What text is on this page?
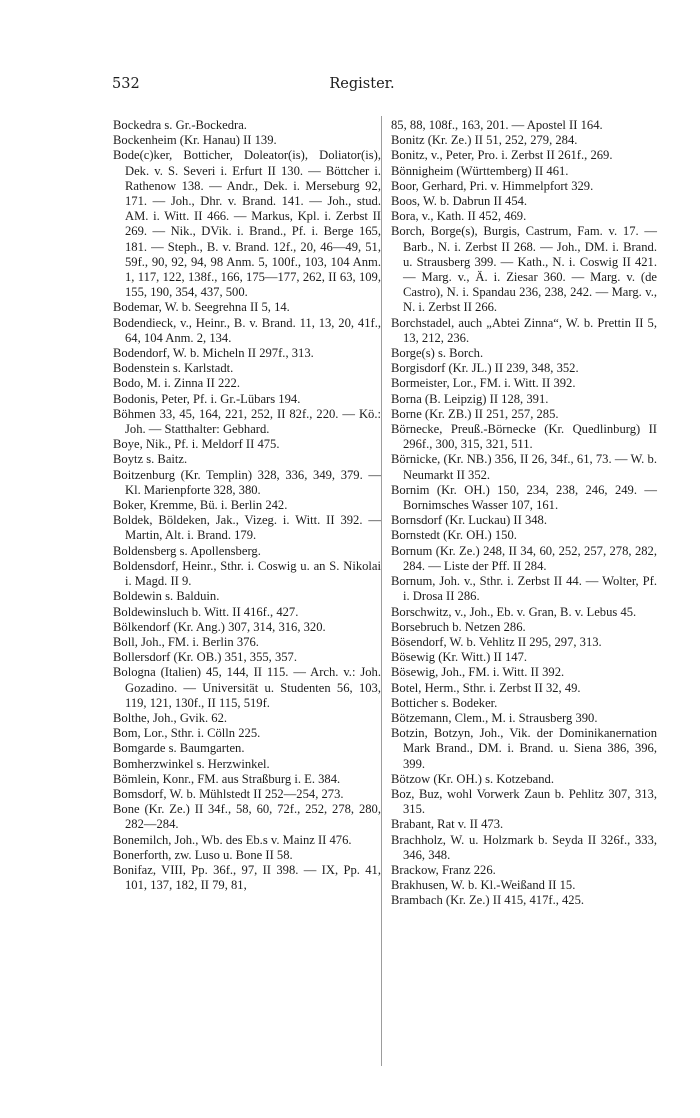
532	Register.

Bockedra s. Gr.-Bockedra.

Bockenheim (Kr. Hanau) II 139.

Bode(c)ker, Botticher, Doleator(is), Doliator(is), Dek. v. S. Severi i. Erfurt II 130. — Böttcher i. Rathenow 138. — Andr., Dek. i. Merseburg 92, 171. — Joh., Dhr. v. Brand. 141. — Joh., stud. AM. i. Witt. II 466. — Markus, Kpl. i. Zerbst II 269. — Nik., DVik. i. Brand., Pf. i. Berge 165, 181. — Steph., B. v. Brand. 12f., 20, 46—49, 51, 59f., 90, 92, 94, 98 Anm. 5, 100f., 103, 104 Anm. 1, 117, 122, 138f., 166, 175—177, 262, II 63, 109, 155, 190, 354, 437, 500.

Bodemar, W. b. Seegrehna II 5, 14.

Bodendieck, v., Heinr., B. v. Brand. 11, 13, 20, 41f., 64, 104 Anm. 2, 134.

Bodendorf, W. b. Micheln II 297f., 313.

Bodenstein s. Karlstadt.

Bodo, M. i. Zinna II 222.

Bodonis, Peter, Pf. i. Gr.-Lübars 194.

Böhmen 33, 45, 164, 221, 252, II 82f., 220. — Kö.: Joh. — Statthalter: Gebhard.

Boye, Nik., Pf. i. Meldorf II 475.

Boytz s. Baitz.

Boitzenburg (Kr. Templin) 328, 336, 349, 379. — Kl. Marienpforte 328, 380.

Boker, Kremme, Bü. i. Berlin 242.

Boldek, Böldeken, Jak., Vizeg. i. Witt. II 392. — Martin, Alt. i. Brand. 179.

Boldensberg s. Apollensberg.

Boldensdorf, Heinr., Sthr. i. Coswig u. an S. Nikolai i. Magd. II 9.

Boldewin s. Balduin.

Boldewinsluch b. Witt. II 416f., 427.

Bölkendorf (Kr. Ang.) 307, 314, 316, 320.

Boll, Joh., FM. i. Berlin 376.

Bollersdorf (Kr. OB.) 351, 355, 357.

Bologna (Italien) 45, 144, II 115. — Arch. v.: Joh. Gozadino. — Universität u. Studenten 56, 103, 119, 121, 130f., II 115, 519f.

Bolthe, Joh., Gvik. 62.

Bom, Lor., Sthr. i. Cölln 225.

Bomgarde s. Baumgarten.

Bomherzwinkel s. Herzwinkel.

Bömlein, Konr., FM. aus Straßburg i. E. 384.

Bomsdorf, W. b. Mühlstedt II 252—254, 273.

Bone (Kr. Ze.) II 34f., 58, 60, 72f., 252, 278, 280, 282—284.

Bonemilch, Joh., Wb. des Eb.s v. Mainz II 476.

Bonerforth, zw. Luso u. Bone II 58.

Bonifaz, VIII, Pp. 36f., 97, II 398. — IX, Pp. 41, 101, 137, 182, II 79, 81,

85, 88, 108f., 163, 201. — Apostel II 164.

Bonitz (Kr. Ze.) II 51, 252, 279, 284.

Bonitz, v., Peter, Pro. i. Zerbst II 261f., 269.

Bönnigheim (Württemberg) II 461.

Boor, Gerhard, Pri. v. Himmelpfort 329.

Boos, W. b. Dabrun II 454.

Bora, v., Kath. II 452, 469.

Borch, Borge(s), Burgis, Castrum, Fam. v. 17. — Barb., N. i. Zerbst II 268. — Joh., DM. i. Brand. u. Strausberg 399. — Kath., N. i. Coswig II 421. — Marg. v., Ä. i. Ziesar 360. — Marg. v. (de Castro), N. i. Spandau 236, 238, 242. — Marg. v., N. i. Zerbst II 266.

Borchstadel, auch „Abtei Zinna“, W. b. Prettin II 5, 13, 212, 236.

Borge(s) s. Borch.

Borgisdorf (Kr. JL.) II 239, 348, 352.

Bormeister, Lor., FM. i. Witt. II 392.

Borna (B. Leipzig) II 128, 391.

Borne (Kr. ZB.) II 251, 257, 285.

Börnecke, Preuß.-Börnecke (Kr. Quedlinburg) II 296f., 300, 315, 321, 511.

Börnicke, (Kr. NB.) 356, II 26, 34f., 61, 73. — W. b. Neumarkt II 352.

Bornim (Kr. OH.) 150, 234, 238, 246, 249. — Bornimsches Wasser 107, 161.

Bornsdorf (Kr. Luckau) II 348.

Bornstedt (Kr. OH.) 150.

Bornum (Kr. Ze.) 248, II 34, 60, 252, 257, 278, 282, 284. — Liste der Pff. II 284.

Bornum, Joh. v., Sthr. i. Zerbst II 44. — Wolter, Pf. i. Drosa II 286.

Borschwitz, v., Joh., Eb. v. Gran, B. v. Lebus 45.

Borsebruch b. Netzen 286.

Bösendorf, W. b. Vehlitz II 295, 297, 313.

Bösewig (Kr. Witt.) II 147.

Bösewig, Joh., FM. i. Witt. II 392.

Botel, Herm., Sthr. i. Zerbst II 32, 49.

Botticher s. Bodeker.

Bötzemann, Clem., M. i. Strausberg 390.

Botzin, Botzyn, Joh., Vik. der Dominikanernation Mark Brand., DM. i. Brand. u. Siena 386, 396, 399.

Bötzow (Kr. OH.) s. Kotzeband.

Boz, Buz, wohl Vorwerk Zaun b. Pehlitz 307, 313, 315.

Brabant, Rat v. II 473.

Brachholz, W. u. Holzmark b. Seyda II 326f., 333, 346, 348.

Brackow, Franz 226.

Brakhusen, W. b. Kl.-Weißand II 15.

Brambach (Kr. Ze.) II 415, 417f., 425.
